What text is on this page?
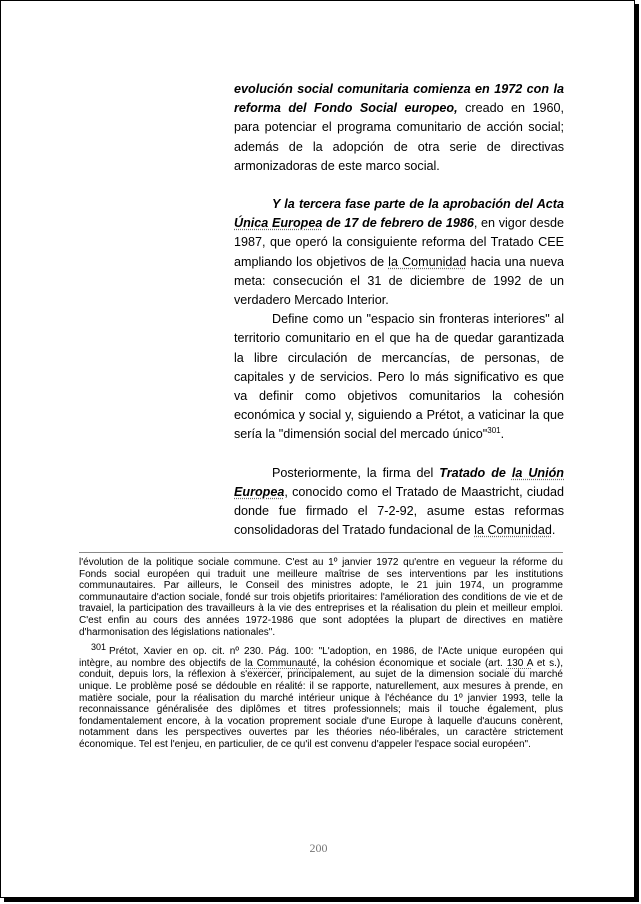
evolución social comunitaria comienza en 1972 con la reforma del Fondo Social europeo, creado en 1960, para potenciar el programa comunitario de acción social; además de la adopción de otra serie de directivas armonizadoras de este marco social.

Y la tercera fase parte de la aprobación del Acta Única Europea de 17 de febrero de 1986, en vigor desde 1987, que operó la consiguiente reforma del Tratado CEE ampliando los objetivos de la Comunidad hacia una nueva meta: consecución el 31 de diciembre de 1992 de un verdadero Mercado Interior.

Define como un "espacio sin fronteras interiores" al territorio comunitario en el que ha de quedar garantizada la libre circulación de mercancías, de personas, de capitales y de servicios. Pero lo más significativo es que va definir como objetivos comunitarios la cohesión económica y social y, siguiendo a Prétot, a vaticinar la que sería la "dimensión social del mercado único"$^{301}$.

Posteriormente, la firma del Tratado de la Unión Europea, conocido como el Tratado de Maastricht, ciudad donde fue firmado el 7-2-92, asume estas reformas consolidadoras del Tratado fundacional de la Comunidad.

l'évolution de la politique sociale commune. C'est au 1º janvier 1972 qu'entre en vegueur la réforme du Fonds social européen qui traduit une meilleure maîtrise de ses interventions par les institutions communautaires. Par ailleurs, le Conseil des ministres adopte, le 21 juin 1974, un programme communautaire d'action sociale, fondé sur trois objetifs prioritaires: l'amélioration des conditions de vie et de travaiel, la participation des travailleurs à la vie des entreprises et la réalisation du plein et meilleur emploi. C'est enfin au cours des années 1972-1986 que sont adoptées la plupart de directives en matière d'harmonisation des législations nationales".

301 Prétot, Xavier en op. cit. nº 230. Pág. 100: "L'adoption, en 1986, de l'Acte unique européen qui intègre, au nombre des objectifs de la Communauté, la cohésion économique et sociale (art. 130 A et s.), conduit, depuis lors, la réflexion à s'exercer, principalement, au sujet de la dimension sociale du marché unique. Le problème posé se dédouble en réalité: il se rapporte, naturellement, aux mesures à prende, en matière sociale, pour la réalisation du marché intérieur unique à l'échéance du 1º janvier 1993, telle la reconnaissance généralisée des diplômes et titres professionnels; mais il touche également, plus fondamentalement encore, à la vocation proprement sociale d'une Europe à laquelle d'aucuns conèrent, notamment dans les perspectives ouvertes par les théories néo-libérales, un caractère strictement économique. Tel est l'enjeu, en particulier, de ce qu'il est convenu d'appeler l'espace social européen".

200
